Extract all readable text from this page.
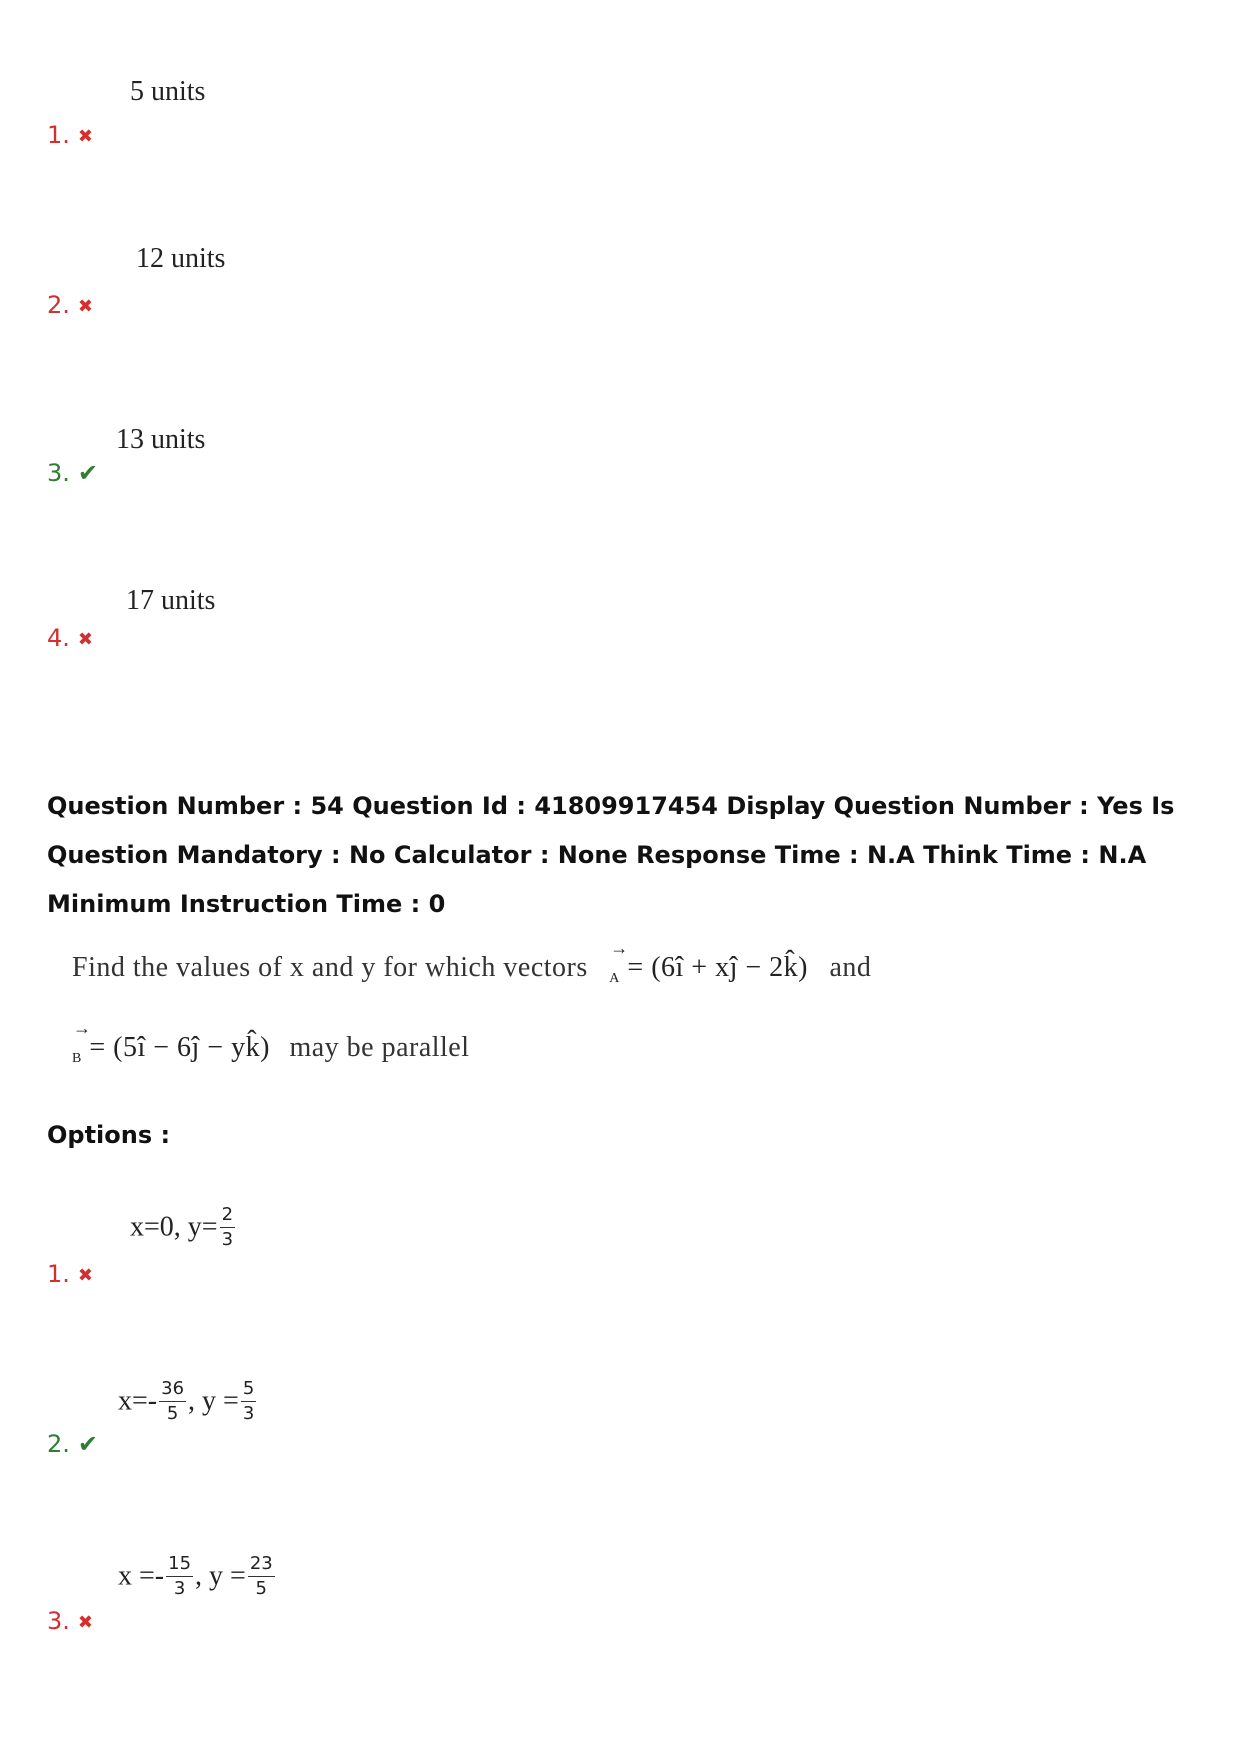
5 units
1. ✖
12 units
2. ✖
13 units
3. ✔
17 units
4. ✖
Question Number : 54 Question Id : 41809917454 Display Question Number : Yes Is Question Mandatory : No Calculator : None Response Time : N.A Think Time : N.A Minimum Instruction Time : 0
Find the values of x and y for which vectors
→
$_A$ = (6î + xĵ − 2k̂) and
→
$_B$ = (5î − 6ĵ − yk̂) may be parallel
Options :
x=0, $y= \frac{2}{3}$
1. ✖
$x=- \frac{36}{5}$ , $y = \frac{5}{3}$
2. ✔
$x =- \frac{15}{3}$ , $y = \frac{23}{5}$
3. ✖
